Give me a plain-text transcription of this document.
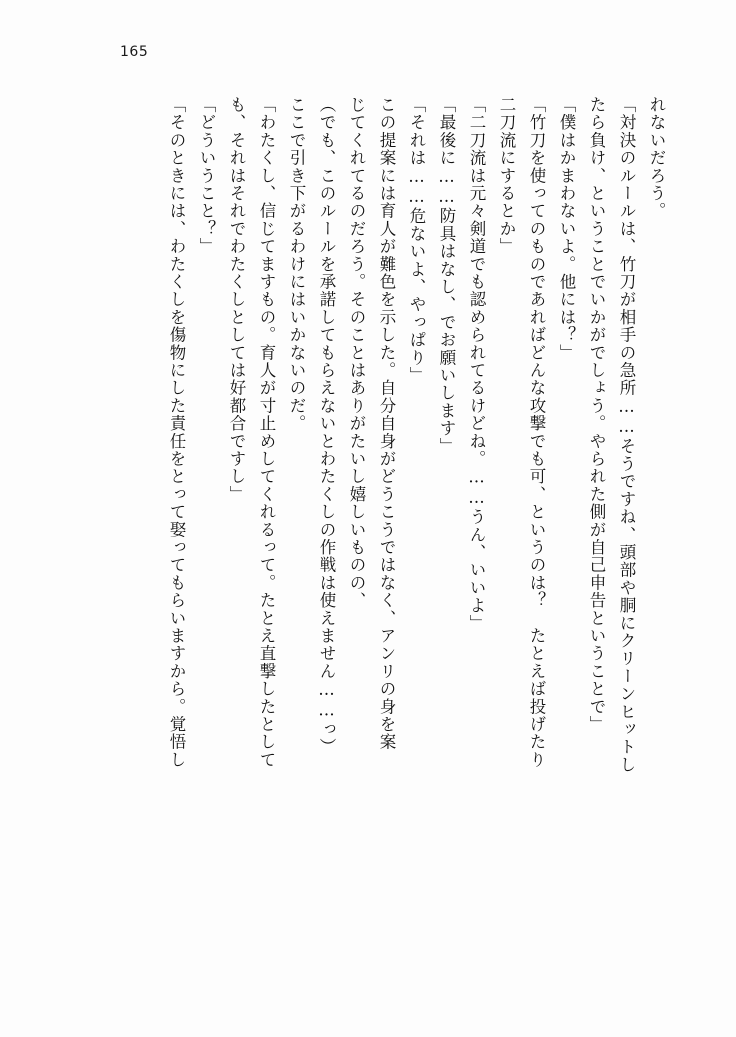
165
れないだろう。
「対決のルールは、竹刀が相手の急所……そうですね、頭部や胴にクリーンヒットし
たら負け、ということでいかがでしょう。やられた側が自己申告ということで」
「僕はかまわないよ。他には？」
「竹刀を使ってのものであればどんな攻撃でも可、というのは？　たとえば投げたり
二刀流にするとか」
「二刀流は元々剣道でも認められてるけどね。……うん、いいよ」
「最後に……防具はなし、でお願いします」
「それは……危ないよ、やっぱり」
この提案には育人が難色を示した。自分自身がどうこうではなく、アンリの身を案
じてくれてるのだろう。そのことはありがたいし嬉しいものの、
（でも、このルールを承諾してもらえないとわたくしの作戦は使えません……っ）
ここで引き下がるわけにはいかないのだ。
「わたくし、信じてますもの。育人が寸止めしてくれるって。たとえ直撃したとして
も、それはそれでわたくしとしては好都合ですし」
「どういうこと？」
「そのときには、わたくしを傷物にした責任をとって娶ってもらいますから。覚悟し
